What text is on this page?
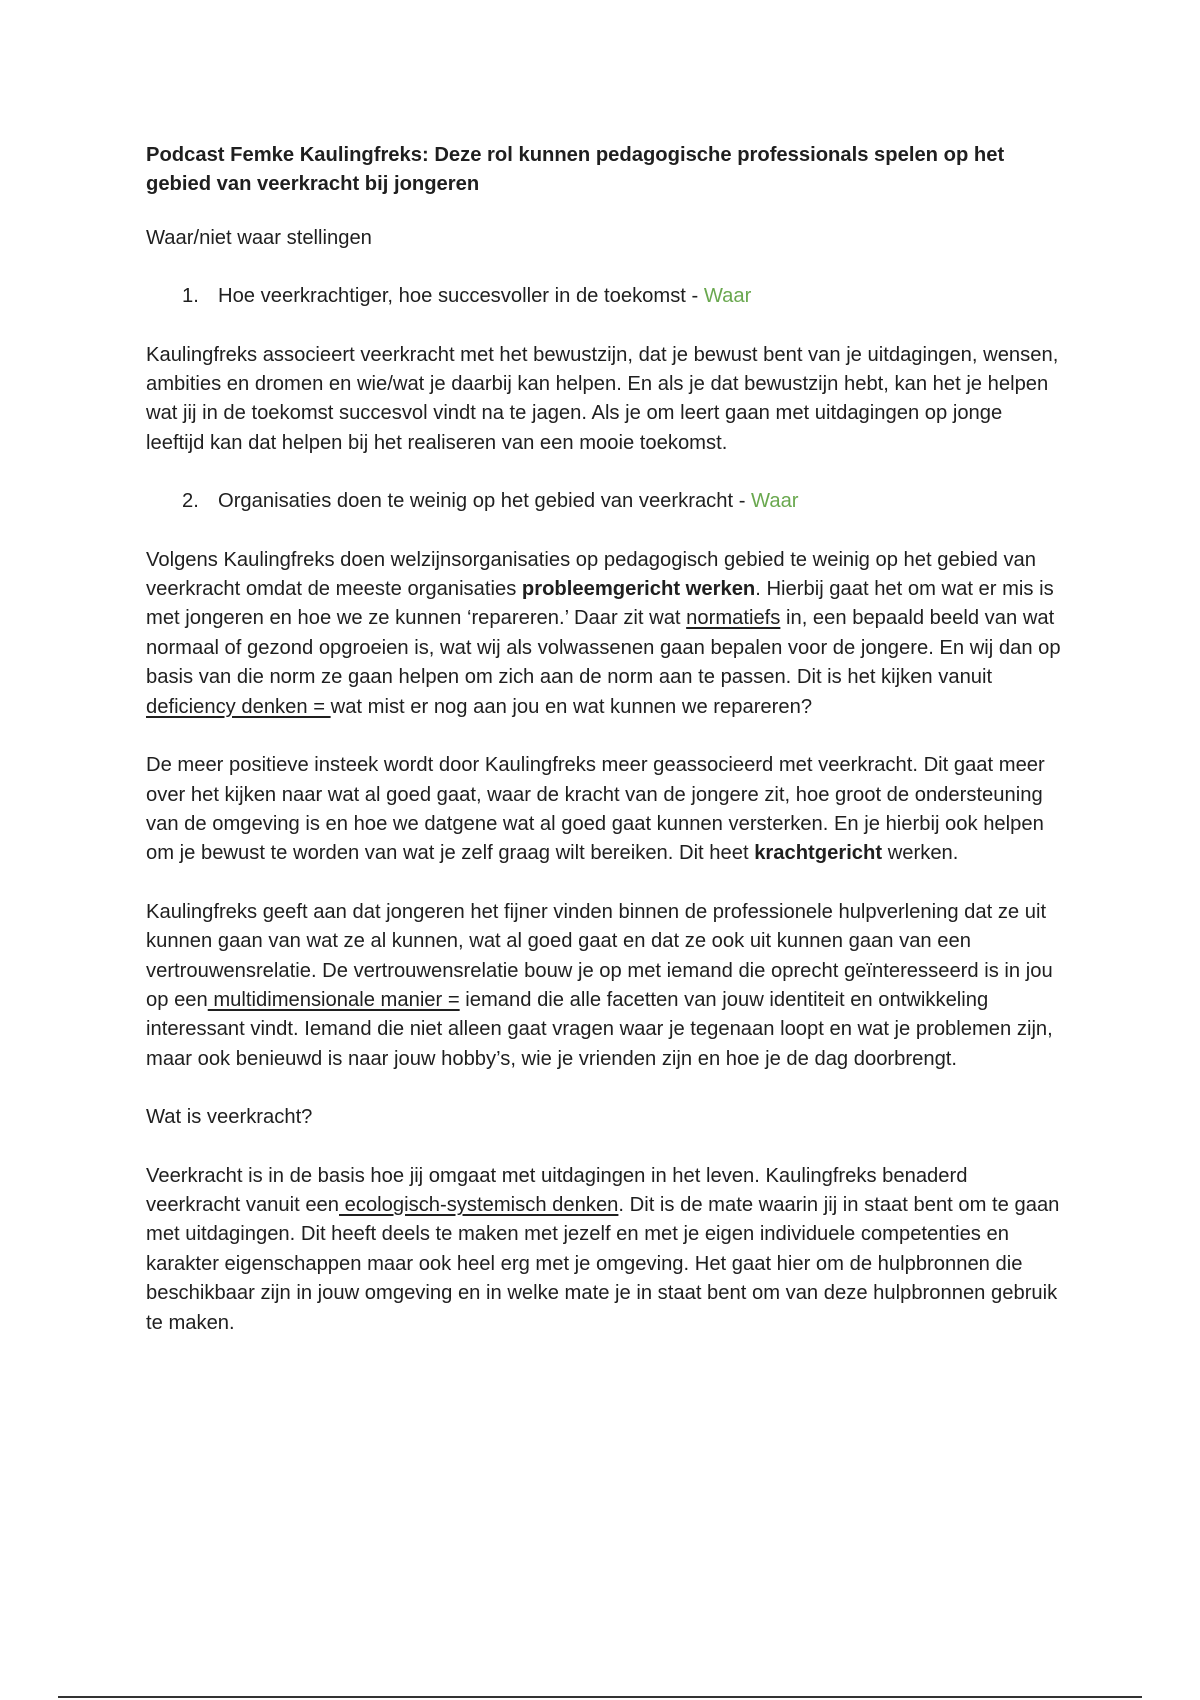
Podcast Femke Kaulingfreks: Deze rol kunnen pedagogische professionals spelen op het gebied van veerkracht bij jongeren
Waar/niet waar stellingen
1. Hoe veerkrachtiger, hoe succesvoller in de toekomst - Waar

Kaulingfreks associeert veerkracht met het bewustzijn, dat je bewust bent van je uitdagingen, wensen, ambities en dromen en wie/wat je daarbij kan helpen. En als je dat bewustzijn hebt, kan het je helpen wat jij in de toekomst succesvol vindt na te jagen. Als je om leert gaan met uitdagingen op jonge leeftijd kan dat helpen bij het realiseren van een mooie toekomst.

2. Organisaties doen te weinig op het gebied van veerkracht - Waar

Volgens Kaulingfreks doen welzijnsorganisaties op pedagogisch gebied te weinig op het gebied van veerkracht omdat de meeste organisaties probleemgericht werken. Hierbij gaat het om wat er mis is met jongeren en hoe we ze kunnen ‘repareren.’ Daar zit wat normatiefs in, een bepaald beeld van wat normaal of gezond opgroeien is, wat wij als volwassenen gaan bepalen voor de jongere. En wij dan op basis van die norm ze gaan helpen om zich aan de norm aan te passen. Dit is het kijken vanuit deficiency denken = wat mist er nog aan jou en wat kunnen we repareren?

De meer positieve insteek wordt door Kaulingfreks meer geassocieerd met veerkracht. Dit gaat meer over het kijken naar wat al goed gaat, waar de kracht van de jongere zit, hoe groot de ondersteuning van de omgeving is en hoe we datgene wat al goed gaat kunnen versterken. En je hierbij ook helpen om je bewust te worden van wat je zelf graag wilt bereiken. Dit heet krachtgericht werken.

Kaulingfreks geeft aan dat jongeren het fijner vinden binnen de professionele hulpverlening dat ze uit kunnen gaan van wat ze al kunnen, wat al goed gaat en dat ze ook uit kunnen gaan van een vertrouwensrelatie. De vertrouwensrelatie bouw je op met iemand die oprecht geïnteresseerd is in jou op een multidimensionale manier = iemand die alle facetten van jouw identiteit en ontwikkeling interessant vindt. Iemand die niet alleen gaat vragen waar je tegenaan loopt en wat je problemen zijn, maar ook benieuwd is naar jouw hobby’s, wie je vrienden zijn en hoe je de dag doorbrengt.

Wat is veerkracht?

Veerkracht is in de basis hoe jij omgaat met uitdagingen in het leven. Kaulingfreks benaderd veerkracht vanuit een ecologisch-systemisch denken. Dit is de mate waarin jij in staat bent om te gaan met uitdagingen. Dit heeft deels te maken met jezelf en met je eigen individuele competenties en karakter eigenschappen maar ook heel erg met je omgeving. Het gaat hier om de hulpbronnen die beschikbaar zijn in jouw omgeving en in welke mate je in staat bent om van deze hulpbronnen gebruik te maken.
